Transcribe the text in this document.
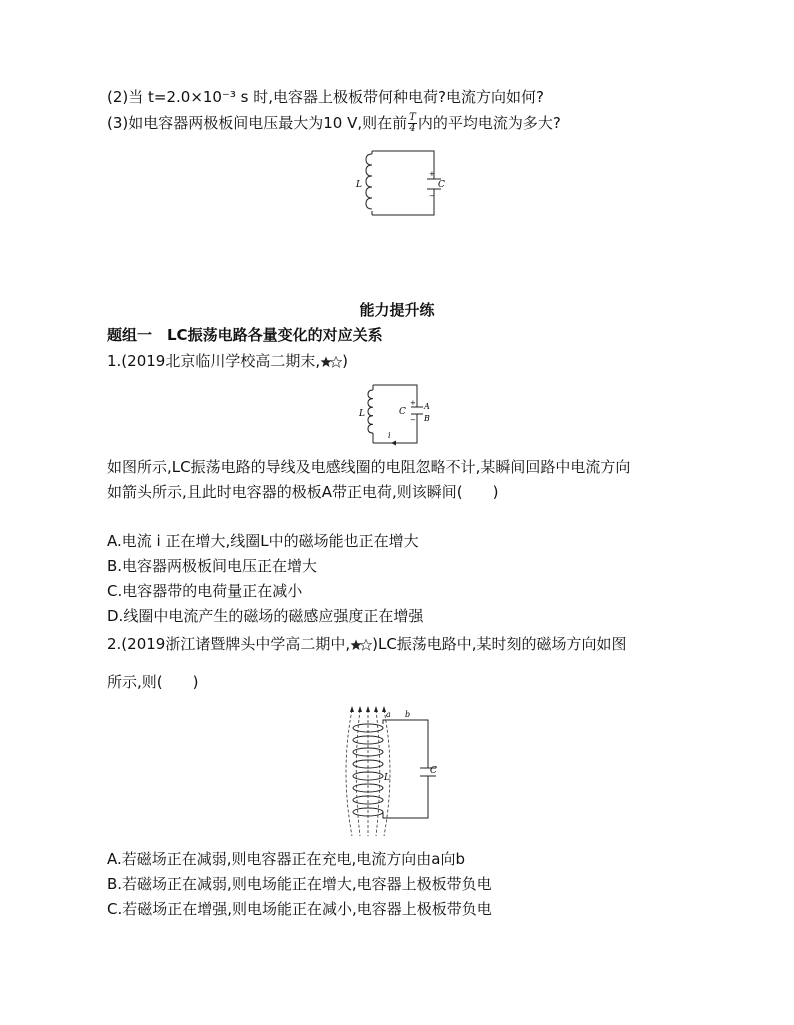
(2)当 t=2.0×10⁻³ s 时,电容器上极板带何种电荷?电流方向如何?
(3)如电容器两极板间电压最大为10 V,则在前 $\frac{T}{4}$ 内的平均电流为多大?
L	C
+
−
能力提升练
题组一　LC振荡电路各量变化的对应关系
1.(2019北京临川学校高二期末, )
L	C
A
B
+
−
i
如图所示,LC振荡电路的导线及电感线圈的电阻忽略不计,某瞬间回路中电流方向
如箭头所示,且此时电容器的极板A带正电荷,则该瞬间(　　)
A.电流 i 正在增大,线圈L中的磁场能也正在增大
B.电容器两极板间电压正在增大
C.电容器带的电荷量正在减小
D.线圈中电流产生的磁场的磁感应强度正在增强
2.(2019浙江诸暨牌头中学高二期中, )LC振荡电路中,某时刻的磁场方向如图
所示,则(　　)
a b
L
C
A.若磁场正在减弱,则电容器正在充电,电流方向由a向b
B.若磁场正在减弱,则电场能正在增大,电容器上极板带负电
C.若磁场正在增强,则电场能正在减小,电容器上极板带负电
